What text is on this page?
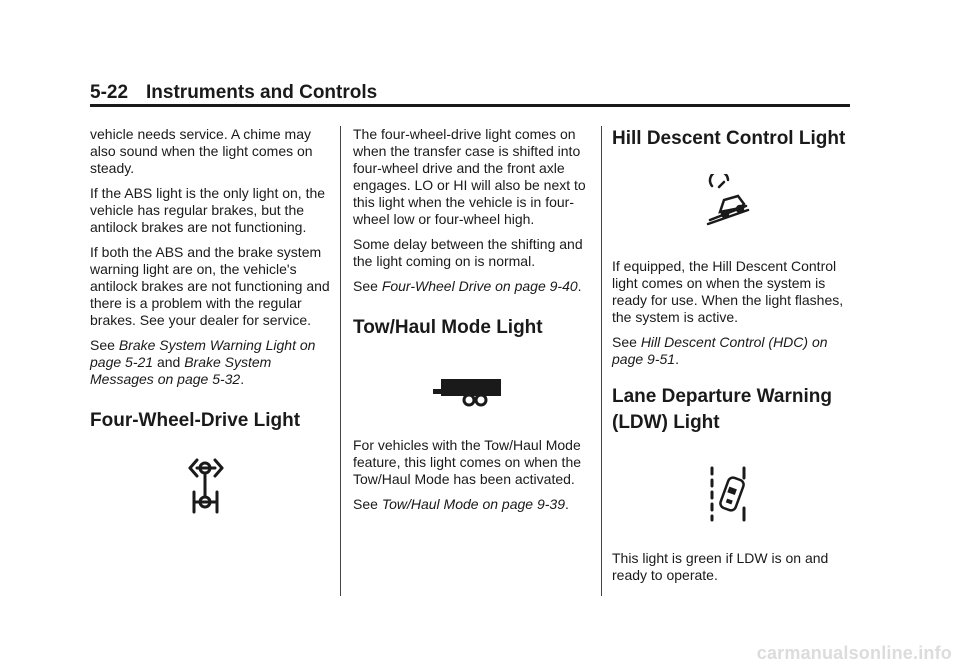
5-22 Instruments and Controls

vehicle needs service. A chime may also sound when the light comes on steady.

If the ABS light is the only light on, the vehicle has regular brakes, but the antilock brakes are not functioning.

If both the ABS and the brake system warning light are on, the vehicle's antilock brakes are not functioning and there is a problem with the regular brakes. See your dealer for service.

See Brake System Warning Light on page 5-21 and Brake System Messages on page 5-32.

Four-Wheel-Drive Light

The four-wheel-drive light comes on when the transfer case is shifted into four-wheel drive and the front axle engages. LO or HI will also be next to this light when the vehicle is in four-wheel low or four-wheel high.

Some delay between the shifting and the light coming on is normal.

See Four-Wheel Drive on page 9-40.

Tow/Haul Mode Light

For vehicles with the Tow/Haul Mode feature, this light comes on when the Tow/Haul Mode has been activated.

See Tow/Haul Mode on page 9-39.

Hill Descent Control Light

If equipped, the Hill Descent Control light comes on when the system is ready for use. When the light flashes, the system is active.

See Hill Descent Control (HDC) on page 9-51.

Lane Departure Warning
(LDW) Light

This light is green if LDW is on and ready to operate.

carmanualsonline.info
